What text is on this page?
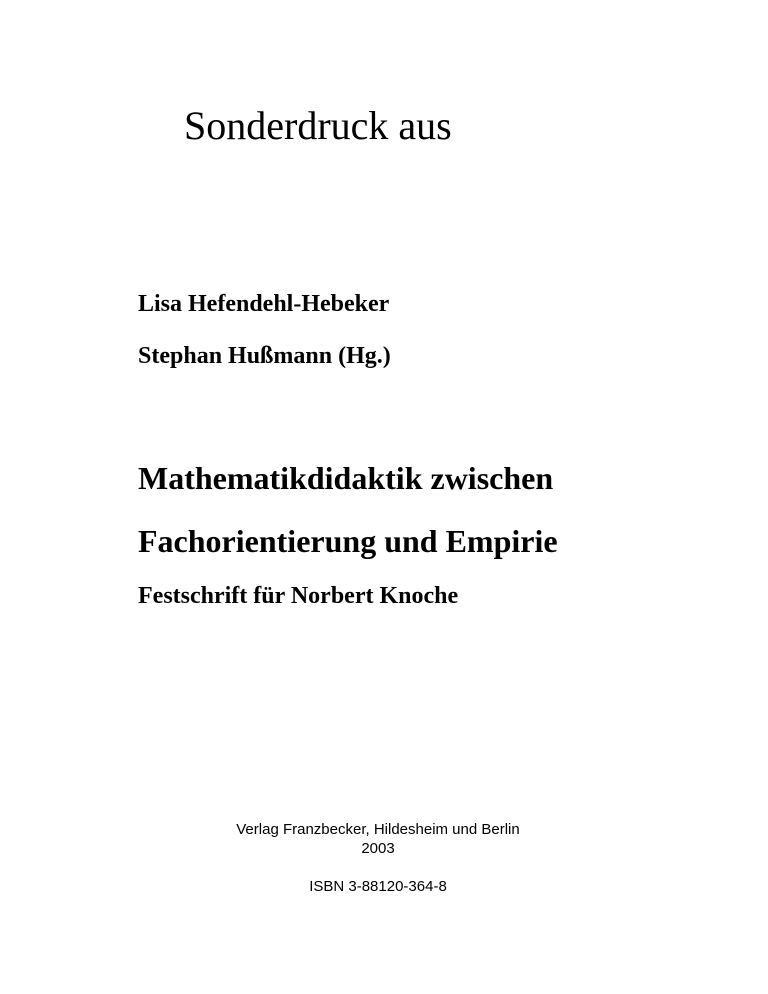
Sonderdruck aus
Lisa Hefendehl-Hebeker
Stephan Hußmann (Hg.)
Mathematikdidaktik zwischen
Fachorientierung und Empirie
Festschrift für Norbert Knoche
Verlag Franzbecker, Hildesheim und Berlin
2003
ISBN 3-88120-364-8
